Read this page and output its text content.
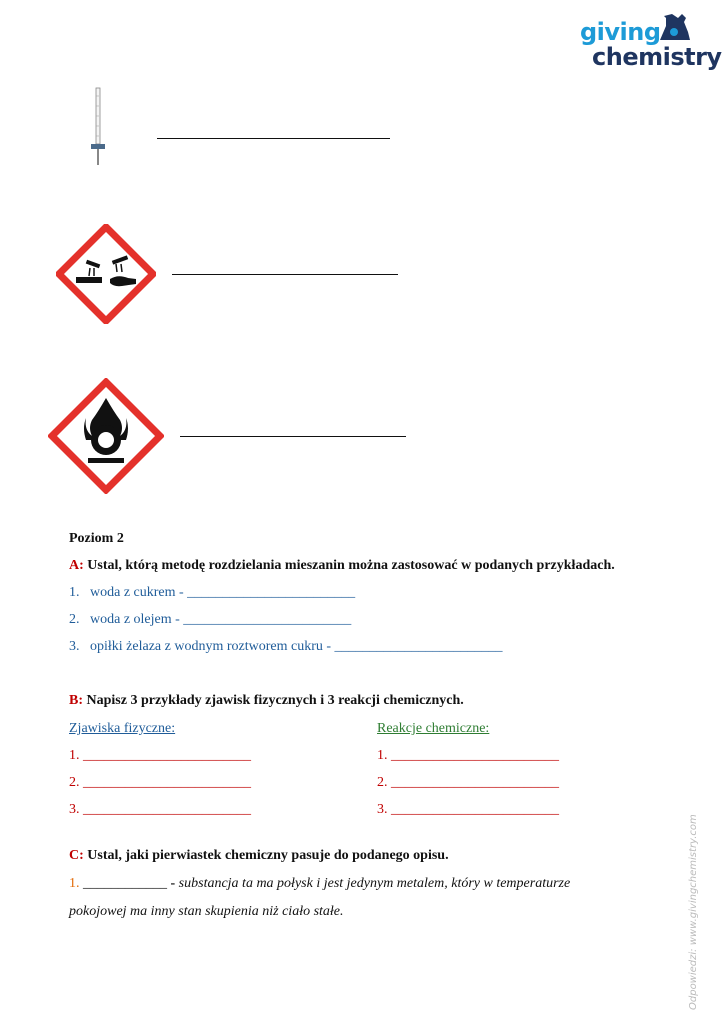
giving
chemistry
Poziom 2
A: Ustal, którą metodę rozdzielania mieszanin można zastosować w podanych przykładach.
1. woda z cukrem - ________________________
2. woda z olejem - ________________________
3. opiłki żelaza z wodnym roztworem cukru - ________________________
B: Napisz 3 przykłady zjawisk fizycznych i 3 reakcji chemicznych.
Zjawiska fizyczne:	Reakcje chemiczne:
1. ________________________
2. ________________________
3. ________________________
1. ________________________
2. ________________________
3. ________________________
C: Ustal, jaki pierwiastek chemiczny pasuje do podanego opisu.
1. ____________ - substancja ta ma połysk i jest jedynym metalem, który w temperaturze
pokojowej ma inny stan skupienia niż ciało stałe.	Odpowiedzi: www.givingchemistry.com
